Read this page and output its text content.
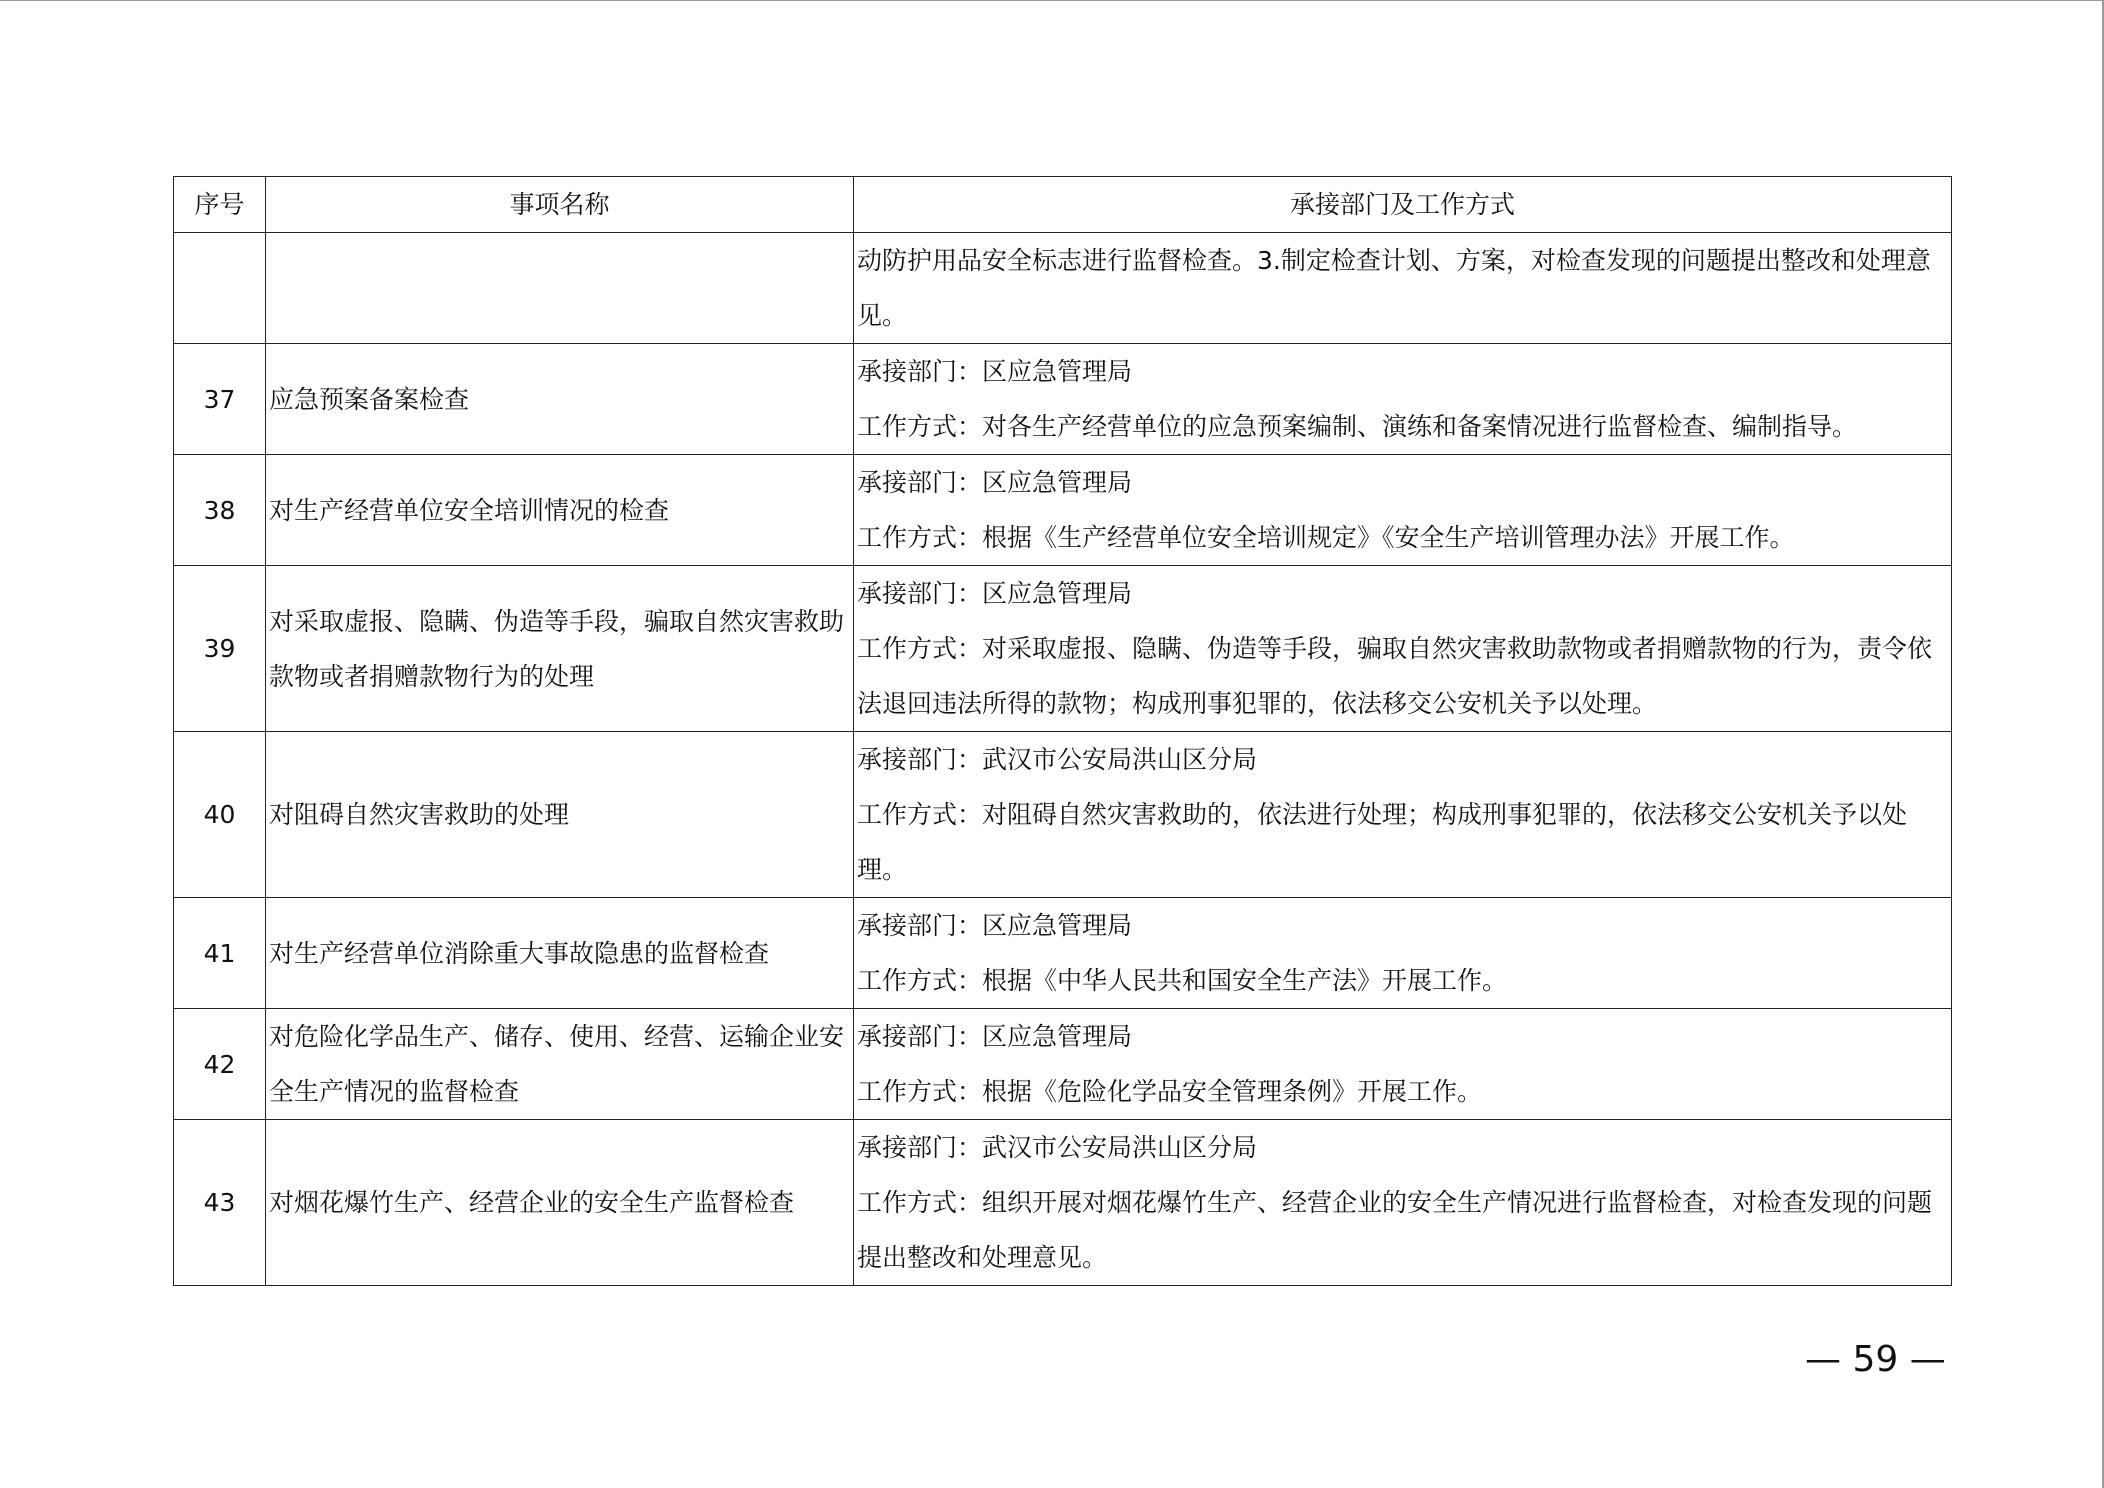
序号	事项名称	承接部门及工作方式

		动防护用品安全标志进行监督检查。3.制定检查计划、方案，对检查发现的问题提出整改和处理意见。

37	应急预案备案检查	承接部门：区应急管理局
工作方式：对各生产经营单位的应急预案编制、演练和备案情况进行监督检查、编制指导。

38	对生产经营单位安全培训情况的检查	承接部门：区应急管理局
工作方式：根据《生产经营单位安全培训规定》《安全生产培训管理办法》开展工作。

39	对采取虚报、隐瞒、伪造等手段，骗取自然灾害救助款物或者捐赠款物行为的处理	承接部门：区应急管理局
工作方式：对采取虚报、隐瞒、伪造等手段，骗取自然灾害救助款物或者捐赠款物的行为，责令依法退回违法所得的款物；构成刑事犯罪的，依法移交公安机关予以处理。

40	对阻碍自然灾害救助的处理	承接部门：武汉市公安局洪山区分局
工作方式：对阻碍自然灾害救助的，依法进行处理；构成刑事犯罪的，依法移交公安机关予以处理。

41	对生产经营单位消除重大事故隐患的监督检查	承接部门：区应急管理局
工作方式：根据《中华人民共和国安全生产法》开展工作。

42	对危险化学品生产、储存、使用、经营、运输企业安全生产情况的监督检查	承接部门：区应急管理局
工作方式：根据《危险化学品安全管理条例》开展工作。

43	对烟花爆竹生产、经营企业的安全生产监督检查	承接部门：武汉市公安局洪山区分局
工作方式：组织开展对烟花爆竹生产、经营企业的安全生产情况进行监督检查，对检查发现的问题提出整改和处理意见。
— 59 —
